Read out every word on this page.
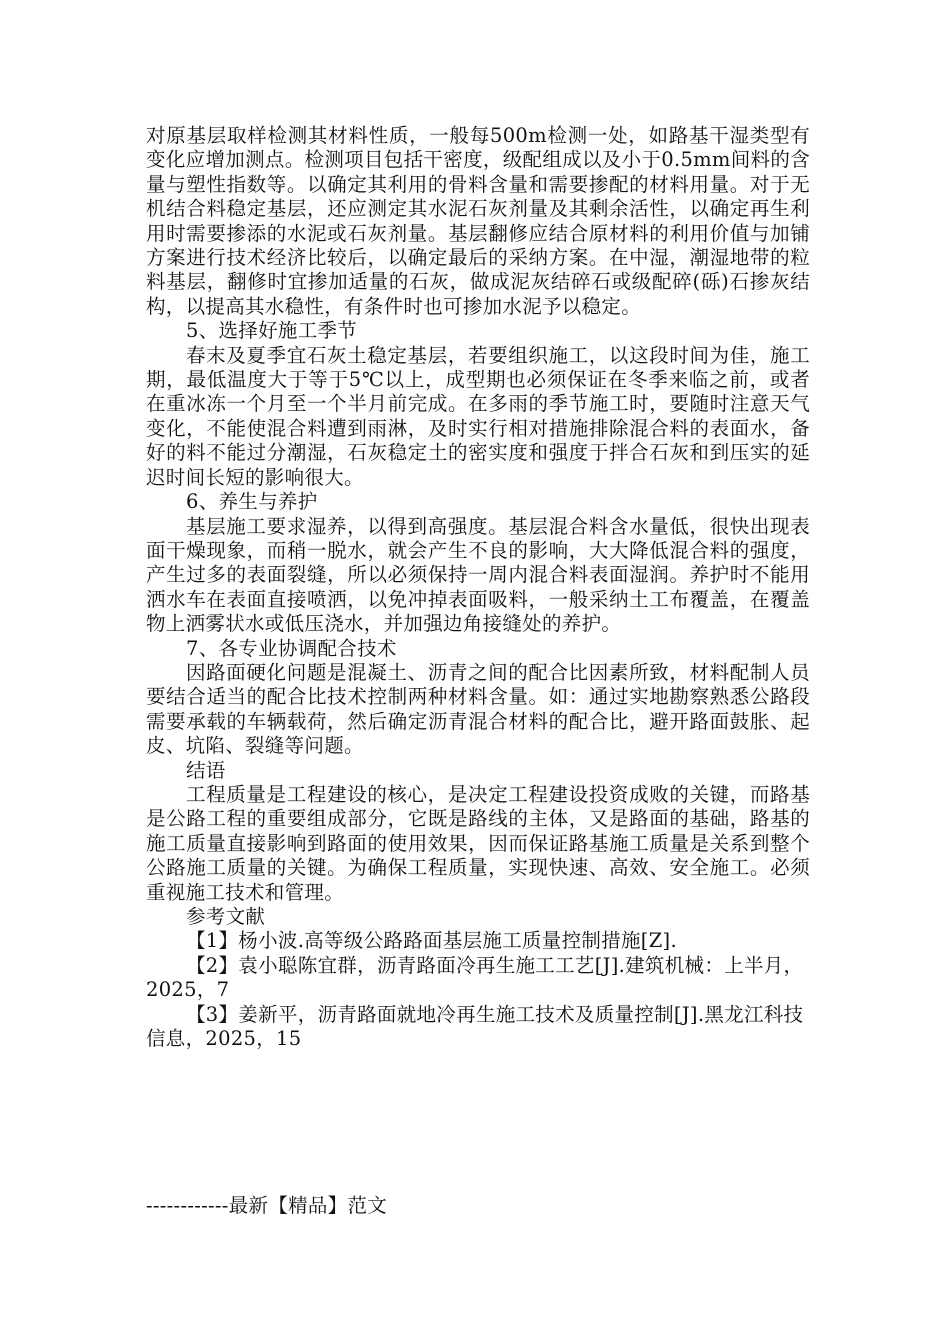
对原基层取样检测其材料性质，一般每500m检测一处，如路基干湿类型有变化应增加测点。检测项目包括干密度，级配组成以及小于0.5mm间料的含量与塑性指数等。以确定其利用的骨料含量和需要掺配的材料用量。对于无机结合料稳定基层，还应测定其水泥石灰剂量及其剩余活性，以确定再生利用时需要掺添的水泥或石灰剂量。基层翻修应结合原材料的利用价值与加铺方案进行技术经济比较后，以确定最后的采纳方案。在中湿，潮湿地带的粒料基层，翻修时宜掺加适量的石灰，做成泥灰结碎石或级配碎(砾)石掺灰结构，以提高其水稳性，有条件时也可掺加水泥予以稳定。

5、选择好施工季节

春末及夏季宜石灰土稳定基层，若要组织施工，以这段时间为佳，施工期，最低温度大于等于5℃以上，成型期也必须保证在冬季来临之前，或者在重冰冻一个月至一个半月前完成。在多雨的季节施工时，要随时注意天气变化，不能使混合料遭到雨淋，及时实行相对措施排除混合料的表面水，备好的料不能过分潮湿，石灰稳定土的密实度和强度于拌合石灰和到压实的延迟时间长短的影响很大。

6、养生与养护

基层施工要求湿养，以得到高强度。基层混合料含水量低，很快出现表面干燥现象，而稍一脱水，就会产生不良的影响，大大降低混合料的强度，产生过多的表面裂缝，所以必须保持一周内混合料表面湿润。养护时不能用洒水车在表面直接喷洒，以免冲掉表面吸料，一般采纳土工布覆盖，在覆盖物上洒雾状水或低压浇水，并加强边角接缝处的养护。

7、各专业协调配合技术

因路面硬化问题是混凝土、沥青之间的配合比因素所致，材料配制人员要结合适当的配合比技术控制两种材料含量。如：通过实地勘察熟悉公路段需要承载的车辆载荷，然后确定沥青混合材料的配合比，避开路面鼓胀、起皮、坑陷、裂缝等问题。

结语

工程质量是工程建设的核心，是决定工程建设投资成败的关键，而路基是公路工程的重要组成部分，它既是路线的主体，又是路面的基础，路基的施工质量直接影响到路面的使用效果，因而保证路基施工质量是关系到整个公路施工质量的关键。为确保工程质量，实现快速、高效、安全施工。必须重视施工技术和管理。

参考文献

【1】杨小波.高等级公路路面基层施工质量控制措施[Z].

【2】袁小聪陈宜群，沥青路面冷再生施工工艺[J].建筑机械：上半月，2025，7

【3】姜新平，沥青路面就地冷再生施工技术及质量控制[J].黑龙江科技信息，2025，15

------------最新【精品】范文
